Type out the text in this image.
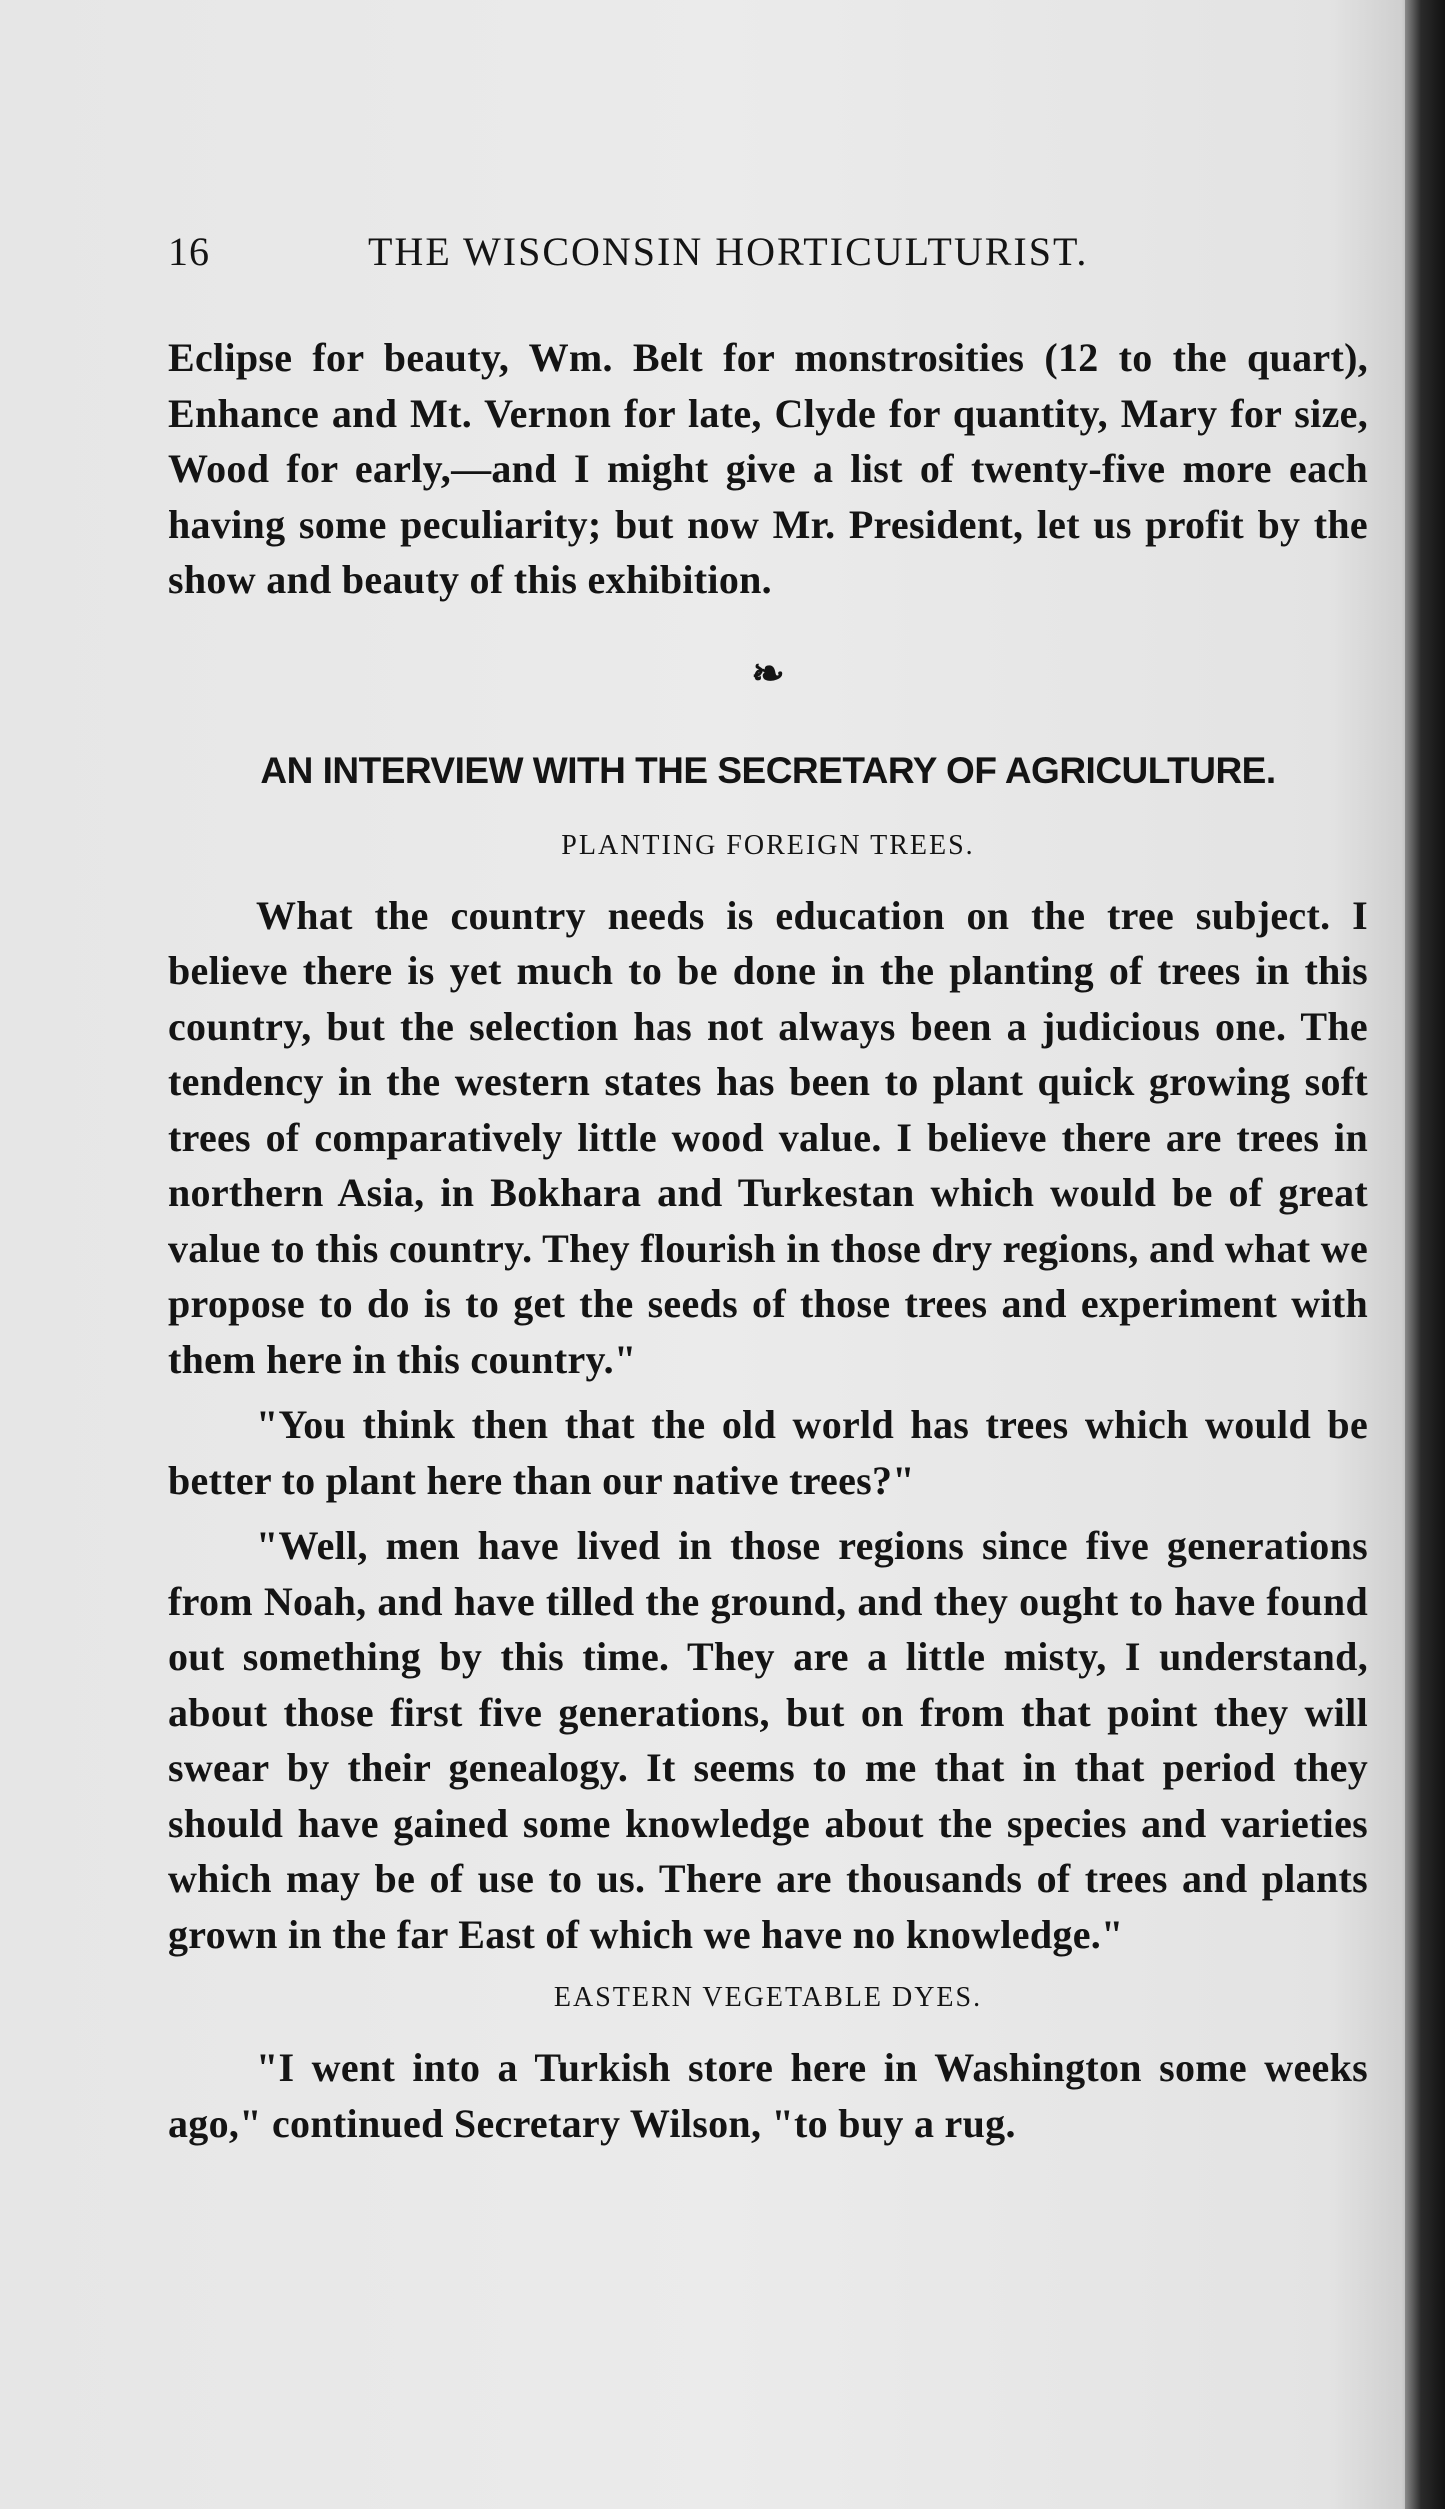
16	THE WISCONSIN HORTICULTURIST.

Eclipse for beauty, Wm. Belt for monstrosities (12 to the quart), Enhance and Mt. Vernon for late, Clyde for quantity, Mary for size, Wood for early,—and I might give a list of twenty-five more each having some peculiarity; but now Mr. President, let us profit by the show and beauty of this exhibition.

❧
AN INTERVIEW WITH THE SECRETARY OF AGRICULTURE.
PLANTING FOREIGN TREES.

What the country needs is education on the tree subject. I believe there is yet much to be done in the planting of trees in this country, but the selection has not always been a judicious one. The tendency in the western states has been to plant quick growing soft trees of comparatively little wood value. I believe there are trees in northern Asia, in Bokhara and Turkestan which would be of great value to this country. They flourish in those dry regions, and what we propose to do is to get the seeds of those trees and experiment with them here in this country."

"You think then that the old world has trees which would be better to plant here than our native trees?"

"Well, men have lived in those regions since five generations from Noah, and have tilled the ground, and they ought to have found out something by this time. They are a little misty, I understand, about those first five generations, but on from that point they will swear by their genealogy. It seems to me that in that period they should have gained some knowledge about the species and varieties which may be of use to us. There are thousands of trees and plants grown in the far East of which we have no knowledge."

EASTERN VEGETABLE DYES.

"I went into a Turkish store here in Washington some weeks ago," continued Secretary Wilson, "to buy a rug.
